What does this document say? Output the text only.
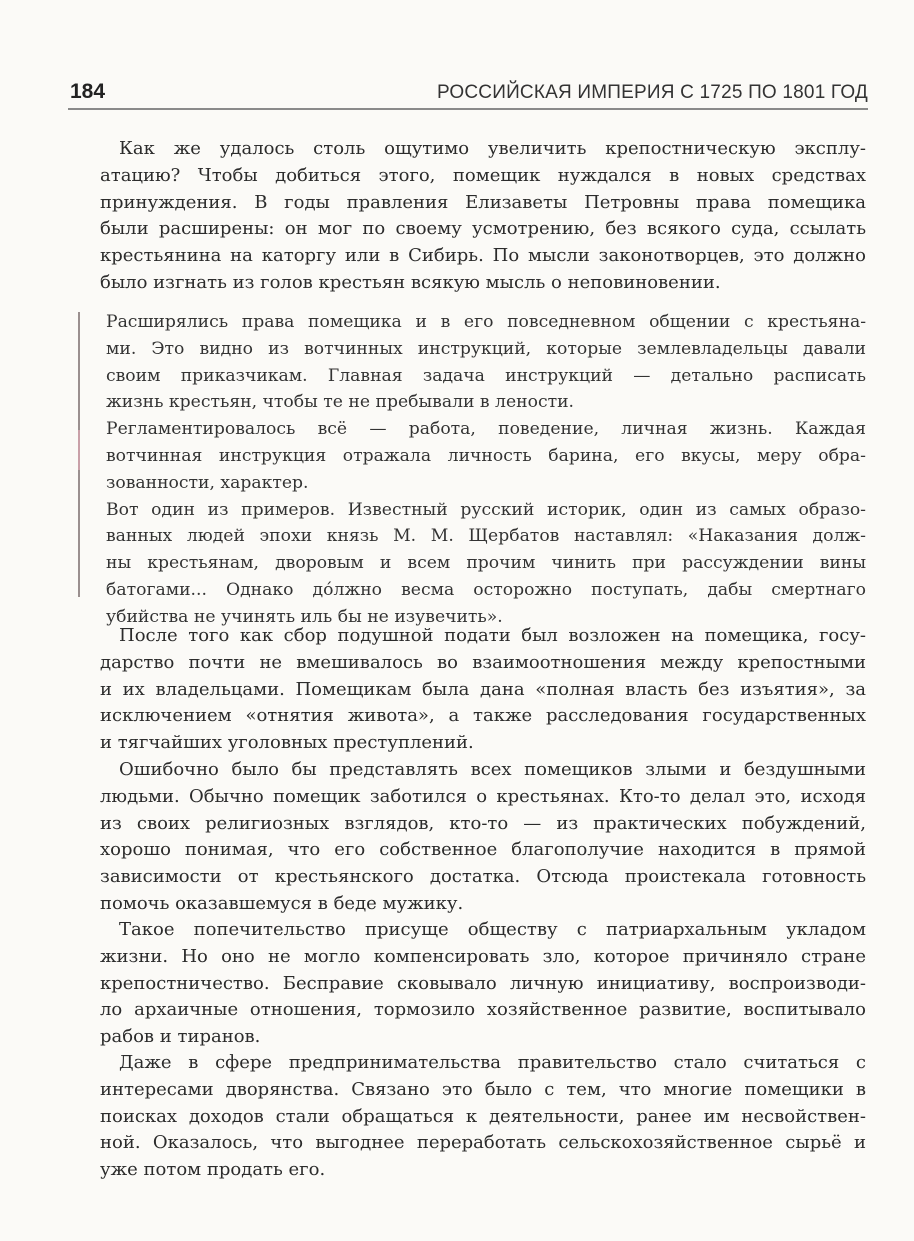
184	РОССИЙСКАЯ ИМПЕРИЯ С 1725 ПО 1801 ГОД
Как же удалось столь ощутимо увеличить крепостническую эксплу-
атацию? Чтобы добиться этого, помещик нуждался в новых средствах
принуждения. В годы правления Елизаветы Петровны права помещика
были расширены: он мог по своему усмотрению, без всякого суда, ссылать
крестьянина на каторгу или в Сибирь. По мысли законотворцев, это должно
было изгнать из голов крестьян всякую мысль о неповиновении.
Расширялись права помещика и в его повседневном общении с крестьяна-
ми. Это видно из вотчинных инструкций, которые землевладельцы давали
своим приказчикам. Главная задача инструкций — детально расписать
жизнь крестьян, чтобы те не пребывали в лености.
Регламентировалось всё — работа, поведение, личная жизнь. Каждая
вотчинная инструкция отражала личность барина, его вкусы, меру обра-
зованности, характер.
Вот один из примеров. Известный русский историк, один из самых образо-
ванных людей эпохи князь М. М. Щербатов наставлял: «Наказания долж-
ны крестьянам, дворовым и всем прочим чинить при рассуждении вины
батогами... Однако до́лжно весма осторожно поступать, дабы смертнаго
убийства не учинять иль бы не изувечить».
После того как сбор подушной подати был возложен на помещика, госу-
дарство почти не вмешивалось во взаимоотношения между крепостными
и их владельцами. Помещикам была дана «полная власть без изъятия», за
исключением «отнятия живота», а также расследования государственных
и тягчайших уголовных преступлений.
Ошибочно было бы представлять всех помещиков злыми и бездушными
людьми. Обычно помещик заботился о крестьянах. Кто-то делал это, исходя
из своих религиозных взглядов, кто-то — из практических побуждений,
хорошо понимая, что его собственное благополучие находится в прямой
зависимости от крестьянского достатка. Отсюда проистекала готовность
помочь оказавшемуся в беде мужику.
Такое попечительство присуще обществу с патриархальным укладом
жизни. Но оно не могло компенсировать зло, которое причиняло стране
крепостничество. Бесправие сковывало личную инициативу, воспроизводи-
ло архаичные отношения, тормозило хозяйственное развитие, воспитывало
рабов и тиранов.
Даже в сфере предпринимательства правительство стало считаться с
интересами дворянства. Связано это было с тем, что многие помещики в
поисках доходов стали обращаться к деятельности, ранее им несвойствен-
ной. Оказалось, что выгоднее переработать сельскохозяйственное сырьё и
уже потом продать его.
